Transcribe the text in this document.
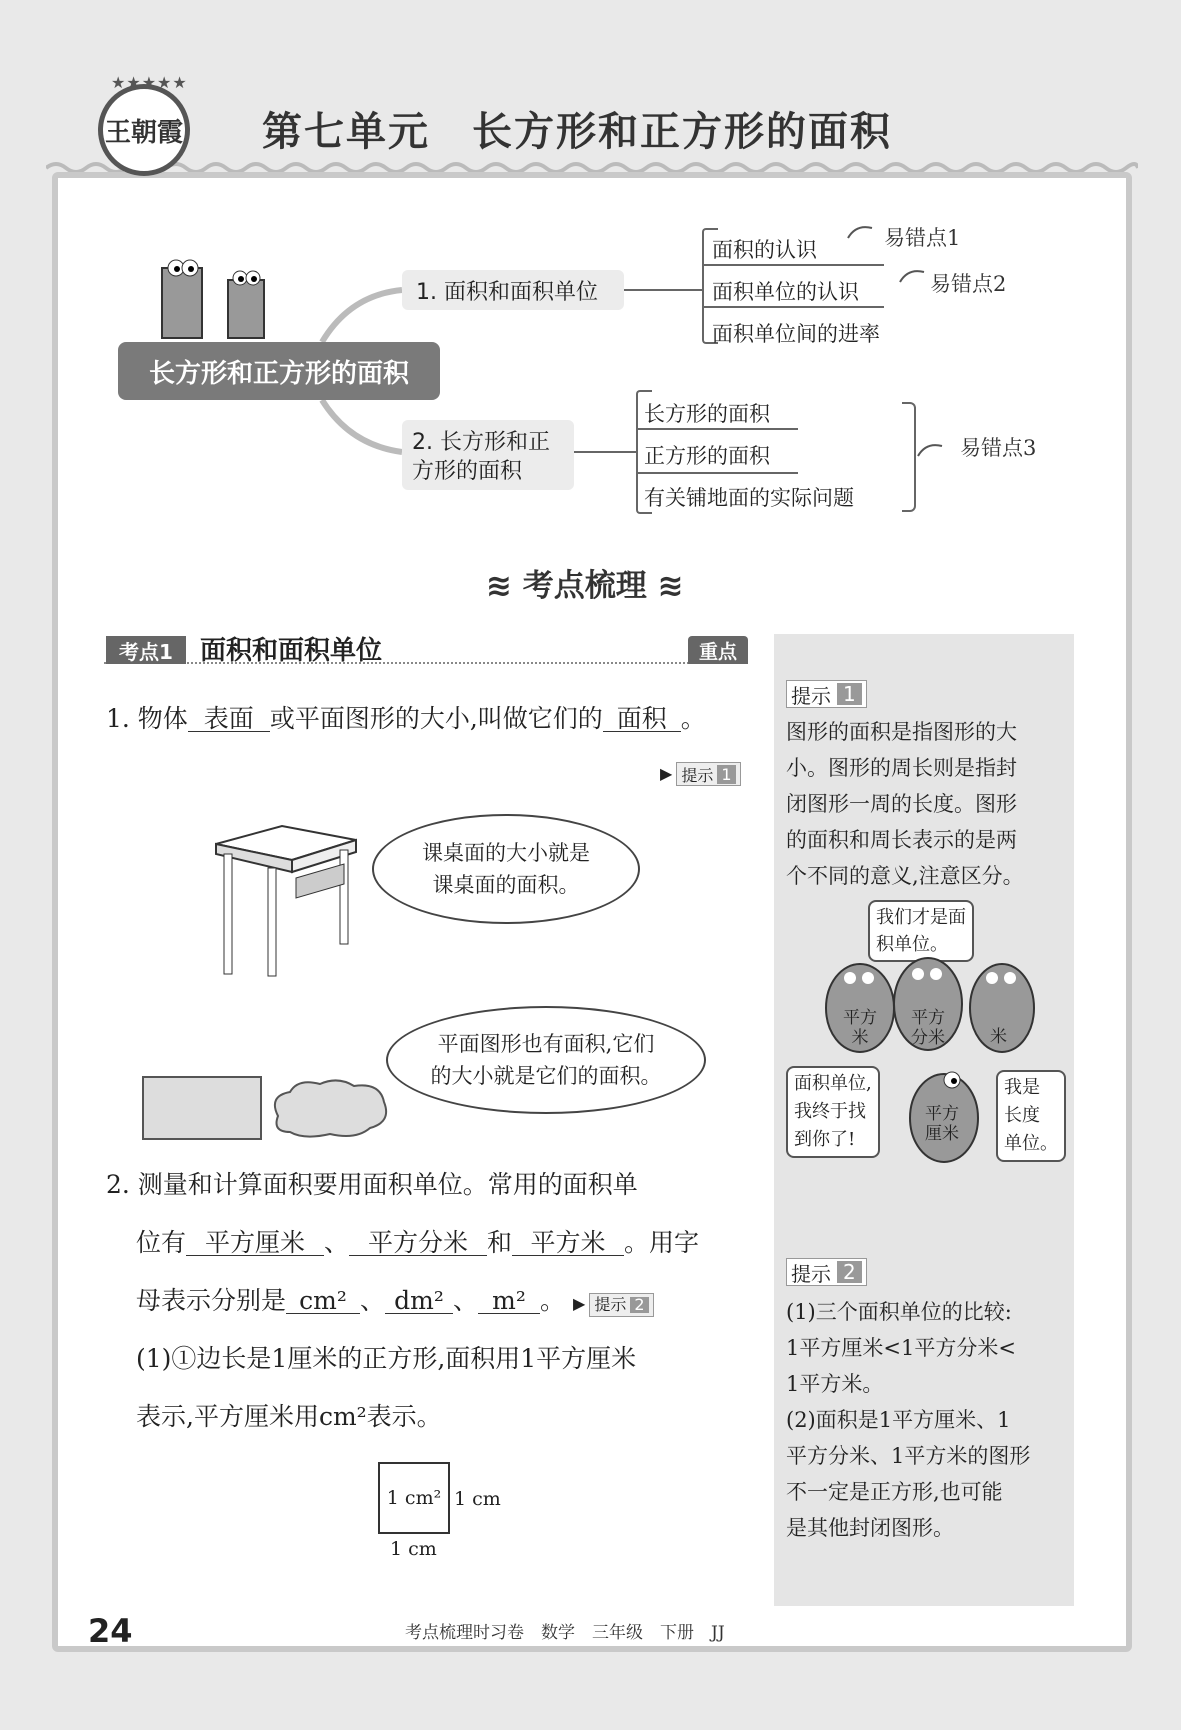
★★★★★
王朝霞 第七单元　长方形和正方形的面积
长方形和正方形的面积
1. 面积和面积单位
2. 长方形和正
方形的面积
面积的认识
面积单位的认识
面积单位间的进率
易错点1
易错点2
长方形的面积
正方形的面积
有关铺地面的实际问题
易错点3
≋ 考点梳理 ≋
考点1	面积和面积单位	重点
1. 物体 表面 或平面图形的大小,叫做它们的 面积 。
▶ 提示 1
课桌面的大小就是
课桌面的面积。
平面图形也有面积,它们
的大小就是它们的面积。
2. 测量和计算面积要用面积单位。常用的面积单
位有 平方厘米 、 平方分米 和 平方米 。用字
母表示分别是 cm² 、 dm² 、 m² 。 ▶ 提示 2
(1)①边长是1厘米的正方形,面积用1平方厘米
表示,平方厘米用cm²表示。
1 cm² 1 cm
1 cm
提示 1
图形的面积是指图形的大
小。图形的周长则是指封
闭图形一周的长度。图形
的面积和周长表示的是两
个不同的意义,注意区分。
我们才是面
积单位。
平方米
平方分米	米
面积单位,
我终于找
到你了!
平方厘米
我是
长度
单位。
提示 2
(1)三个面积单位的比较:
1平方厘米<1平方分米<
1平方米。
(2)面积是1平方厘米、1
平方分米、1平方米的图形
不一定是正方形,也可能
是其他封闭图形。
24	考点梳理时习卷　数学　三年级　下册　JJ
